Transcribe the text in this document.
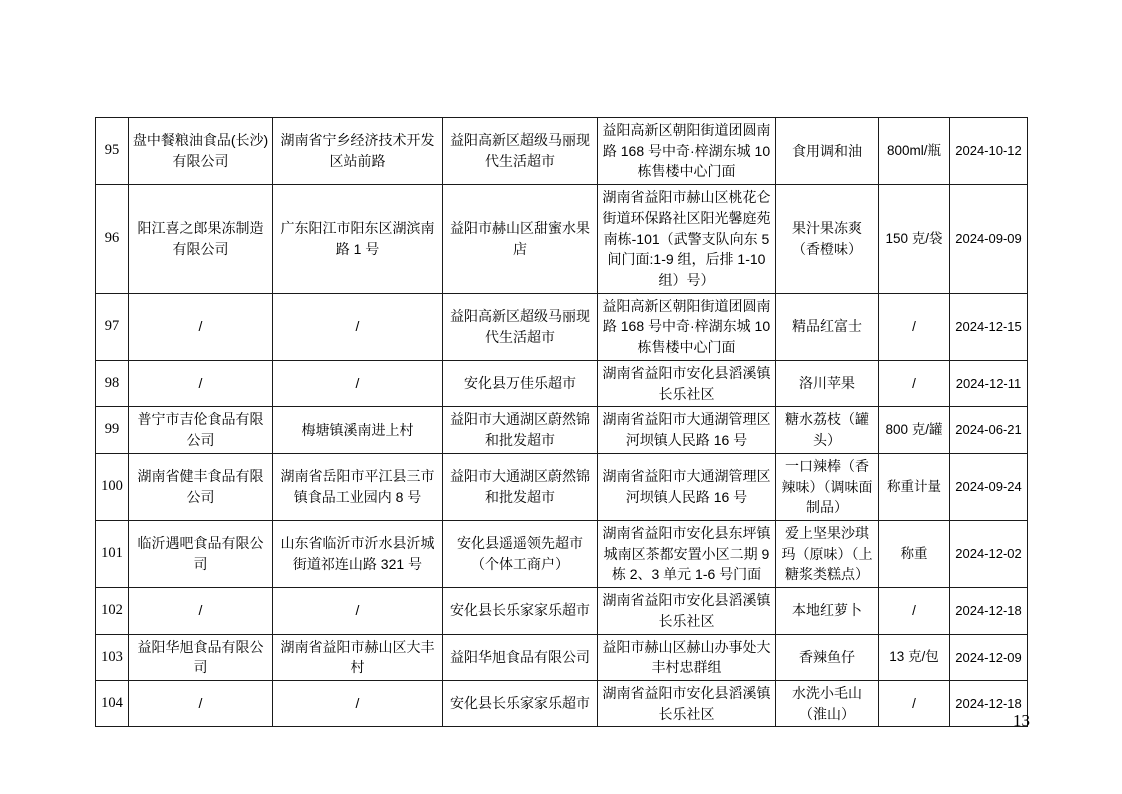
95	盘中餐粮油食品(长沙)有限公司	湖南省宁乡经济技术开发区站前路	益阳高新区超级马丽现代生活超市	益阳高新区朝阳街道团圆南路 168 号中奇·梓湖东城 10 栋售楼中心门面	食用调和油	800ml/瓶	2024-10-12
96	阳江喜之郎果冻制造有限公司	广东阳江市阳东区湖滨南路 1 号	益阳市赫山区甜蜜水果店	湖南省益阳市赫山区桃花仑街道环保路社区阳光馨庭苑南栋-101（武警支队向东 5 间门面:1-9 组，后排 1-10 组）号）	果汁果冻爽（香橙味）	150 克/袋	2024-09-09
97	/	/	益阳高新区超级马丽现代生活超市	益阳高新区朝阳街道团圆南路 168 号中奇·梓湖东城 10 栋售楼中心门面	精品红富士	/	2024-12-15
98	/	/	安化县万佳乐超市	湖南省益阳市安化县滔溪镇长乐社区	洛川苹果	/	2024-12-11
99	普宁市吉伦食品有限公司	梅塘镇溪南进上村	益阳市大通湖区蔚然锦和批发超市	湖南省益阳市大通湖管理区河坝镇人民路 16 号	糖水荔枝（罐头）	800 克/罐	2024-06-21
100	湖南省健丰食品有限公司	湖南省岳阳市平江县三市镇食品工业园内 8 号	益阳市大通湖区蔚然锦和批发超市	湖南省益阳市大通湖管理区河坝镇人民路 16 号	一口辣棒（香辣味）（调味面制品）	称重计量	2024-09-24
101	临沂遇吧食品有限公司	山东省临沂市沂水县沂城街道祁连山路 321 号	安化县遥遥领先超市（个体工商户）	湖南省益阳市安化县东坪镇城南区茶都安置小区二期 9 栋 2、3 单元 1-6 号门面	爱上坚果沙琪玛（原味）（上糖浆类糕点）	称重	2024-12-02
102	/	/	安化县长乐家家乐超市	湖南省益阳市安化县滔溪镇长乐社区	本地红萝卜	/	2024-12-18
103	益阳华旭食品有限公司	湖南省益阳市赫山区大丰村	益阳华旭食品有限公司	益阳市赫山区赫山办事处大丰村忠群组	香辣鱼仔	13 克/包	2024-12-09
104	/	/	安化县长乐家家乐超市	湖南省益阳市安化县滔溪镇长乐社区	水洗小毛山（淮山）	/	2024-12-18
13
